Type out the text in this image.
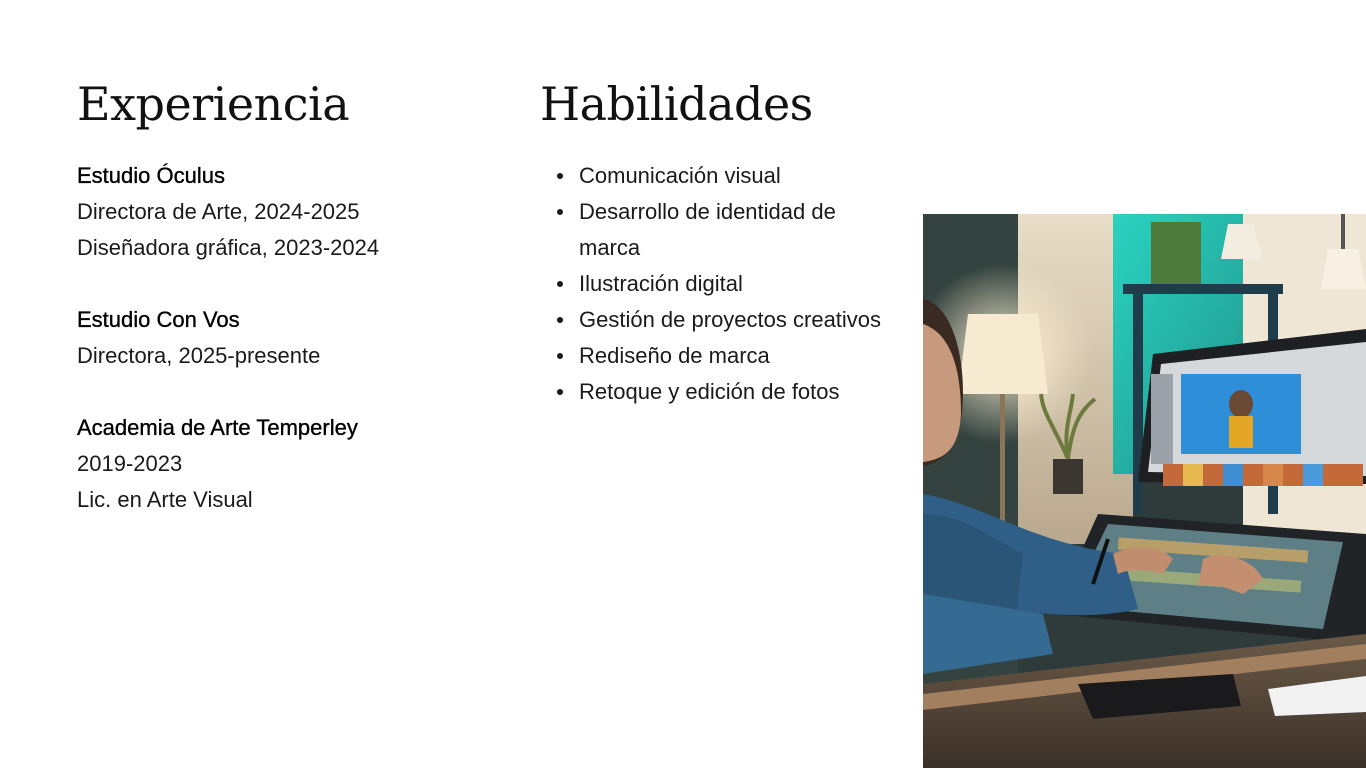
Experiencia	Habilidades
Estudio Óculus
Directora de Arte, 2024-2025
Diseñadora gráfica, 2023-2024
Estudio Con Vos
Directora, 2025-presente
Academia de Arte Temperley
2019-2023
Lic. en Arte Visual
Comunicación visual
Desarrollo de identidad de marca
Ilustración digital
Gestión de proyectos creativos
Rediseño de marca
Retoque y edición de fotos
